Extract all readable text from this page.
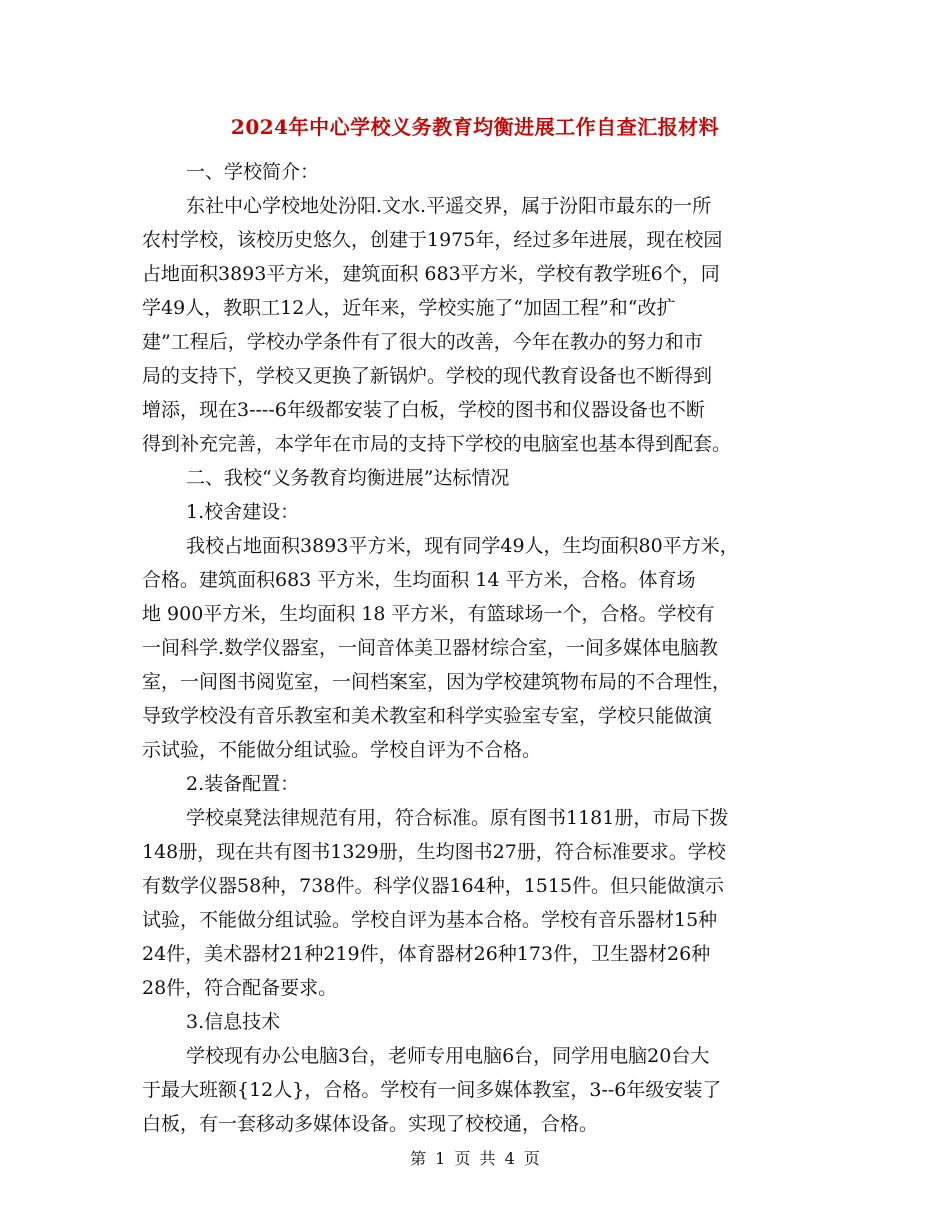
2024年中心学校义务教育均衡进展工作自查汇报材料
一、学校简介：
东社中心学校地处汾阳.文水.平遥交界，属于汾阳市最东的一所
农村学校，该校历史悠久，创建于1975年，经过多年进展，现在校园
占地面积3893平方米，建筑面积 683平方米，学校有教学班6个，同
学49人，教职工12人，近年来，学校实施了“加固工程”和“改扩
建”工程后，学校办学条件有了很大的改善，今年在教办的努力和市
局的支持下，学校又更换了新锅炉。学校的现代教育设备也不断得到
增添，现在3----6年级都安装了白板，学校的图书和仪器设备也不断
得到补充完善，本学年在市局的支持下学校的电脑室也基本得到配套。
二、我校“义务教育均衡进展”达标情况
1.校舍建设：
我校占地面积3893平方米，现有同学49人，生均面积80平方米，
合格。建筑面积683 平方米，生均面积 14 平方米，合格。体育场
地 900平方米，生均面积 18 平方米，有篮球场一个，合格。学校有
一间科学.数学仪器室，一间音体美卫器材综合室，一间多媒体电脑教
室，一间图书阅览室，一间档案室，因为学校建筑物布局的不合理性，
导致学校没有音乐教室和美术教室和科学实验室专室，学校只能做演
示试验，不能做分组试验。学校自评为不合格。
2.装备配置：
学校桌凳法律规范有用，符合标准。原有图书1181册，市局下拨
148册，现在共有图书1329册，生均图书27册，符合标准要求。学校
有数学仪器58种，738件。科学仪器164种，1515件。但只能做演示
试验，不能做分组试验。学校自评为基本合格。学校有音乐器材15种
24件，美术器材21种219件，体育器材26种173件，卫生器材26种
28件，符合配备要求。
3.信息技术
学校现有办公电脑3台，老师专用电脑6台，同学用电脑20台大
于最大班额{12人}，合格。学校有一间多媒体教室，3--6年级安装了
白板，有一套移动多媒体设备。实现了校校通，合格。
第 1 页 共 4 页
